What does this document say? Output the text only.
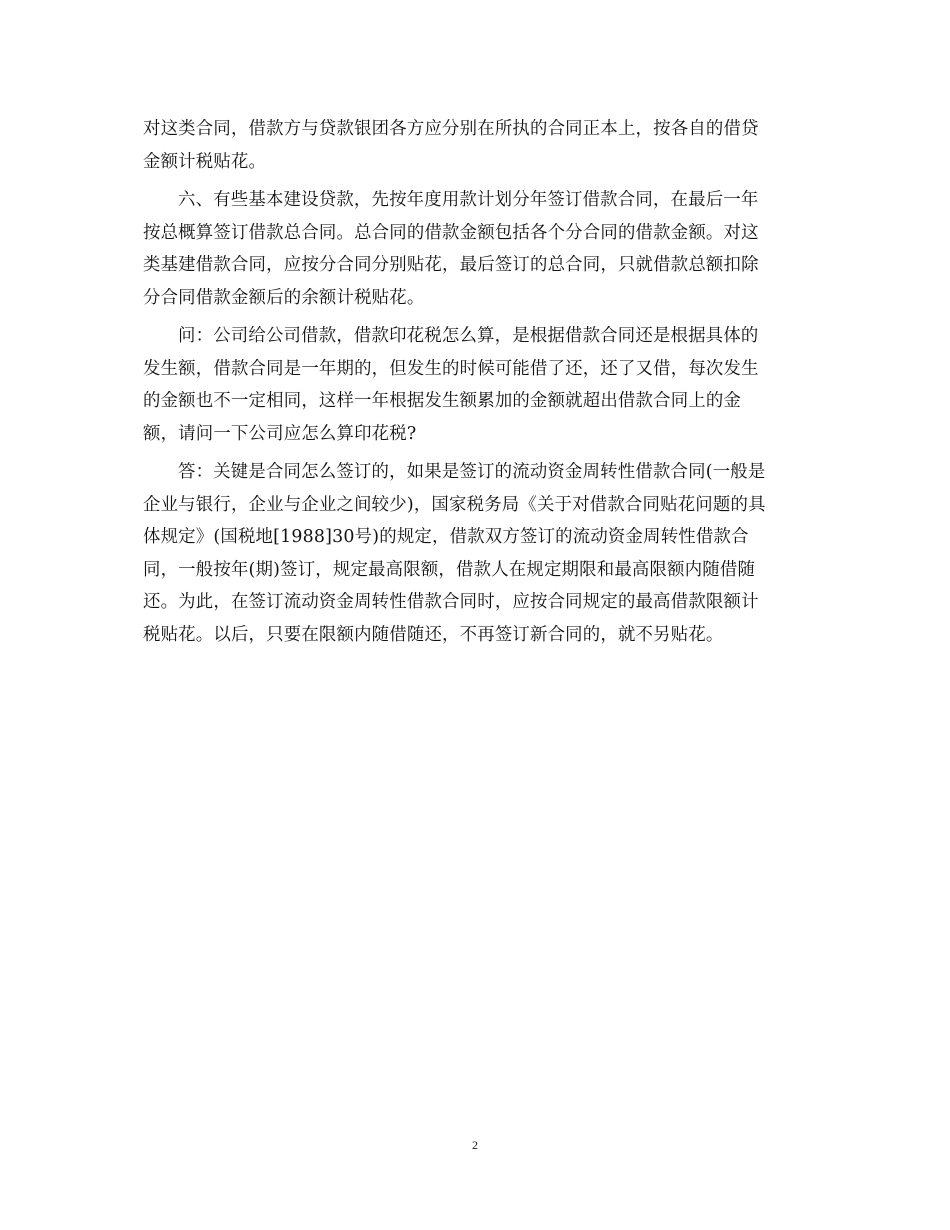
对这类合同，借款方与贷款银团各方应分别在所执的合同正本上，按各自的借贷
金额计税贴花。
六、有些基本建设贷款，先按年度用款计划分年签订借款合同，在最后一年
按总概算签订借款总合同。总合同的借款金额包括各个分合同的借款金额。对这
类基建借款合同，应按分合同分别贴花，最后签订的总合同，只就借款总额扣除
分合同借款金额后的余额计税贴花。
问：公司给公司借款，借款印花税怎么算，是根据借款合同还是根据具体的
发生额，借款合同是一年期的，但发生的时候可能借了还，还了又借，每次发生
的金额也不一定相同，这样一年根据发生额累加的金额就超出借款合同上的金
额，请问一下公司应怎么算印花税?
答：关键是合同怎么签订的，如果是签订的流动资金周转性借款合同(一般是
企业与银行，企业与企业之间较少)，国家税务局《关于对借款合同贴花问题的具
体规定》(国税地[1988]30号)的规定，借款双方签订的流动资金周转性借款合
同，一般按年(期)签订，规定最高限额，借款人在规定期限和最高限额内随借随
还。为此，在签订流动资金周转性借款合同时，应按合同规定的最高借款限额计
税贴花。以后，只要在限额内随借随还，不再签订新合同的，就不另贴花。
2
